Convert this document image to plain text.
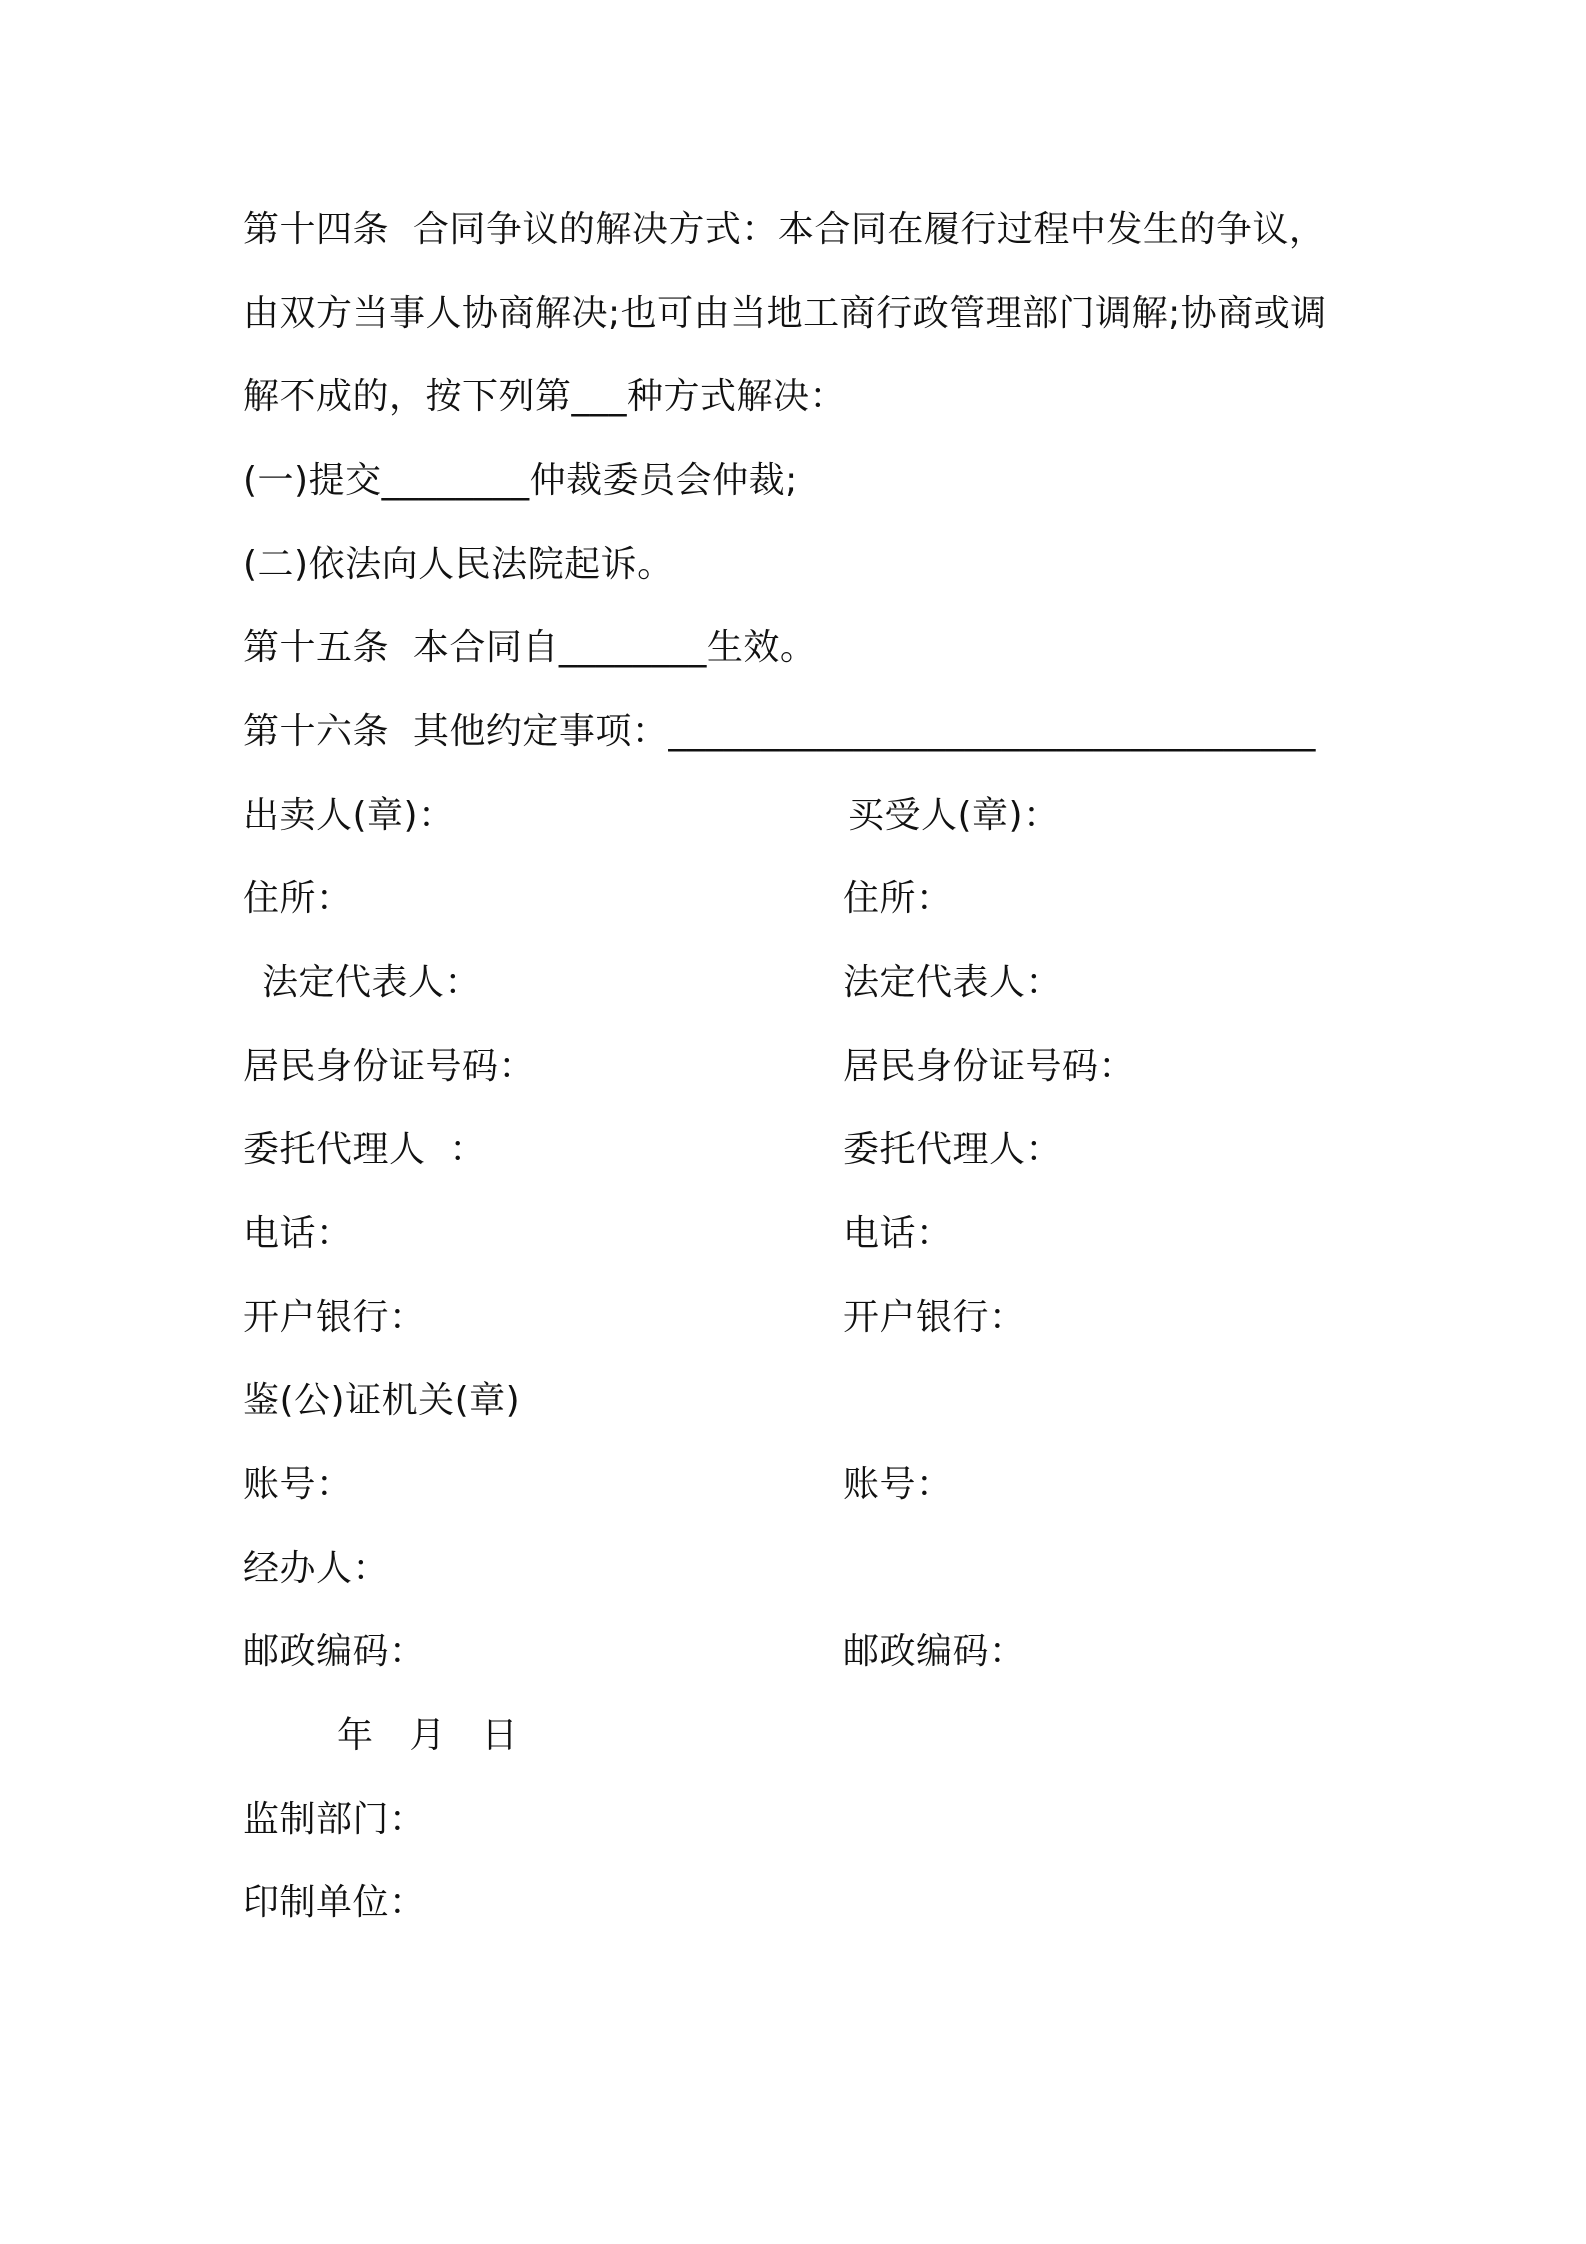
第十四条  合同争议的解决方式：本合同在履行过程中发生的争议，
由双方当事人协商解决;也可由当地工商行政管理部门调解;协商或调
解不成的，按下列第___种方式解决：
(一)提交________仲裁委员会仲裁;
(二)依法向人民法院起诉。
第十五条  本合同自________生效。
第十六条  其他约定事项：___________________________________
出卖人(章)：	买受人(章)：
住所：	住所：
法定代表人：	法定代表人：
居民身份证号码：	居民身份证号码：
委托代理人  ：	委托代理人：
电话：	电话：
开户银行：	开户银行：
鉴(公)证机关(章)
账号：	账号：
经办人：
邮政编码：	邮政编码：
年   月   日
监制部门：
印制单位：
